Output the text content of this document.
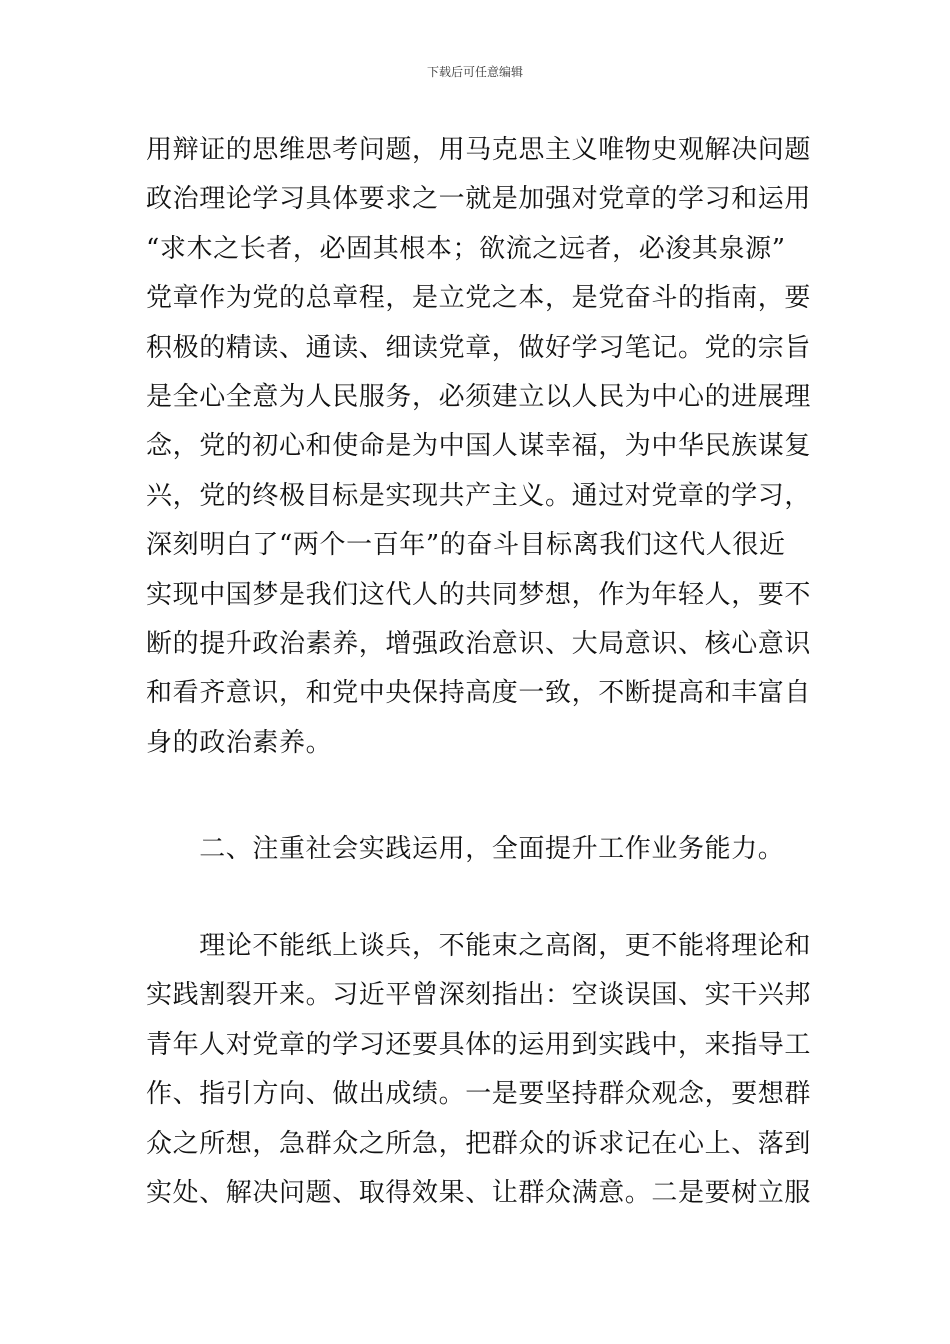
下载后可任意编辑
用辩证的思维思考问题，用马克思主义唯物史观解决问题
政治理论学习具体要求之一就是加强对党章的学习和运用
“求木之长者，必固其根本；欲流之远者，必浚其泉源”
党章作为党的总章程，是立党之本，是党奋斗的指南，要
积极的精读、通读、细读党章，做好学习笔记。党的宗旨
是全心全意为人民服务，必须建立以人民为中心的进展理
念，党的初心和使命是为中国人谋幸福，为中华民族谋复
兴，党的终极目标是实现共产主义。通过对党章的学习，
深刻明白了“两个一百年”的奋斗目标离我们这代人很近
实现中国梦是我们这代人的共同梦想，作为年轻人，要不
断的提升政治素养，增强政治意识、大局意识、核心意识
和看齐意识，和党中央保持高度一致，不断提高和丰富自
身的政治素养。
　　二、注重社会实践运用，全面提升工作业务能力。
　　理论不能纸上谈兵，不能束之高阁，更不能将理论和
实践割裂开来。习近平曾深刻指出：空谈误国、实干兴邦
青年人对党章的学习还要具体的运用到实践中，来指导工
作、指引方向、做出成绩。一是要坚持群众观念，要想群
众之所想，急群众之所急，把群众的诉求记在心上、落到
实处、解决问题、取得效果、让群众满意。二是要树立服
